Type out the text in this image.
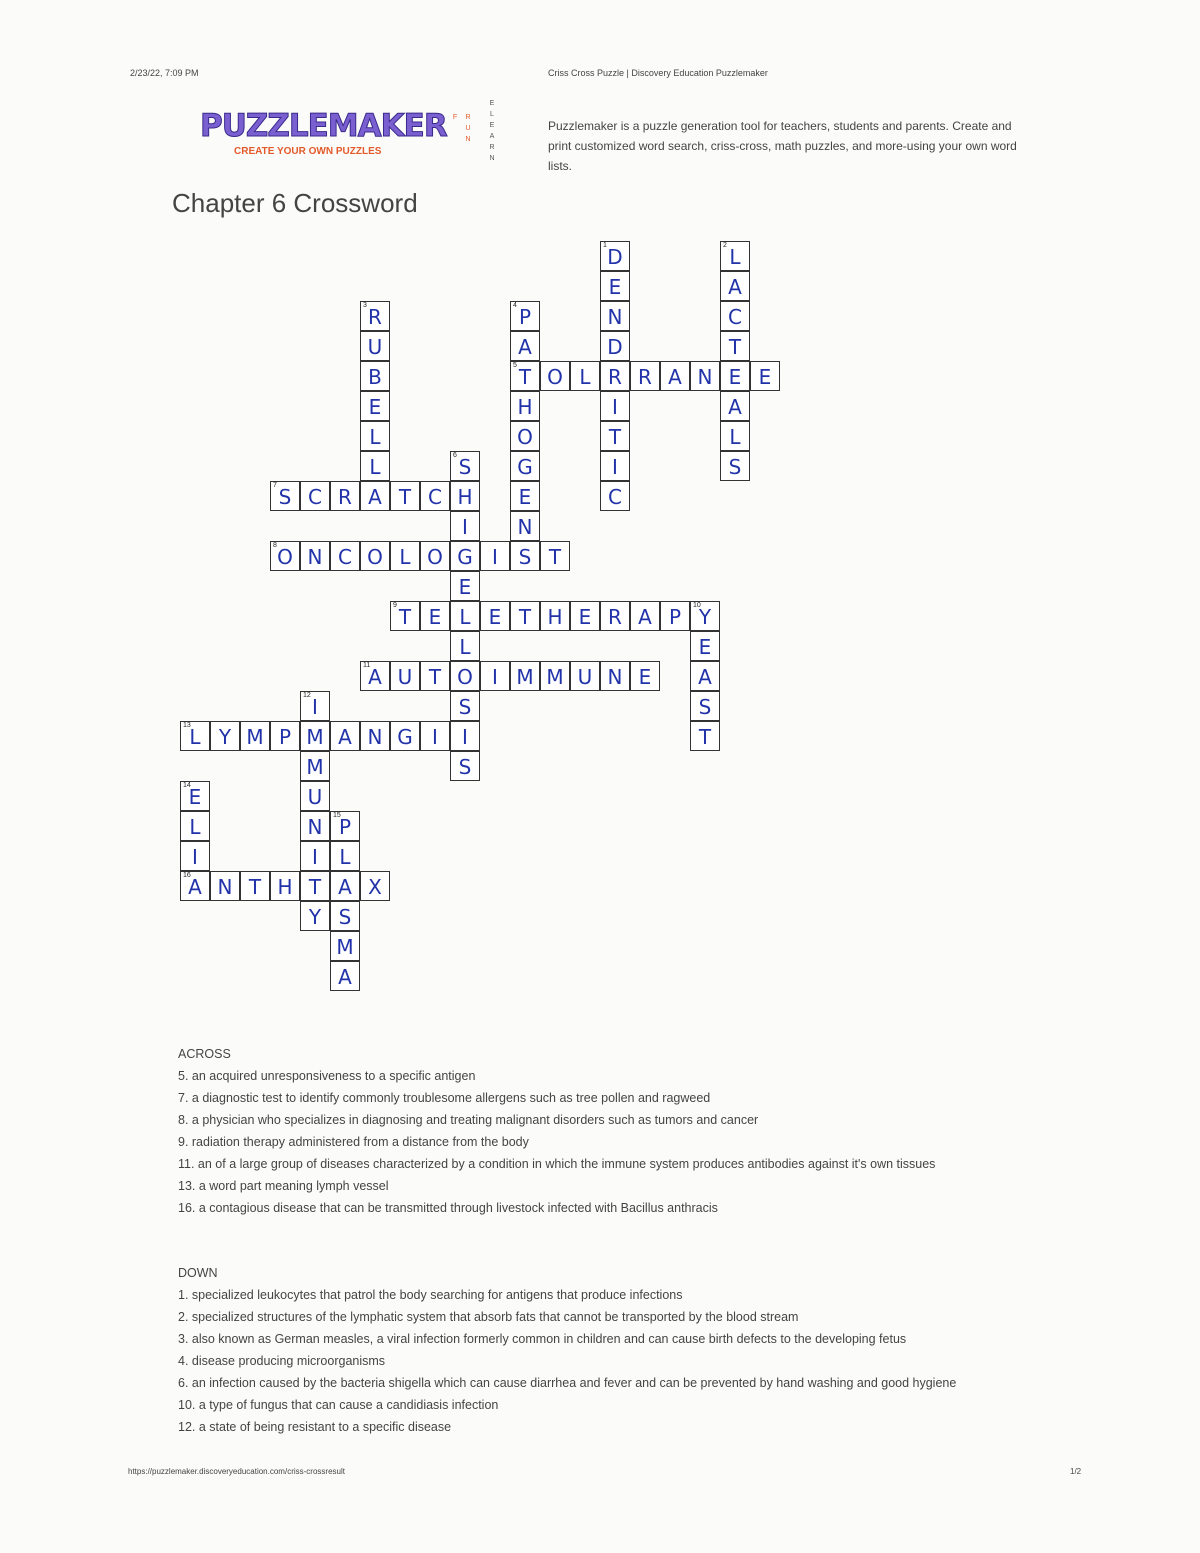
2/23/22, 7:09 PM	Criss Cross Puzzle | Discovery Education Puzzlemaker
PUZZLEMAKER
CREATE YOUR OWN PUZZLES
F R
U
N
E
L
E
A
R
N
Puzzlemaker is a puzzle generation tool for teachers, students and parents. Create and print customized word search, criss-cross, math puzzles, and more-using your own word lists.
Chapter 6 Crossword
D
1
E
N
D
R
I
T
I
C
L
2
A
C
T
E
A
L
S
R
3
U
B
E
L
L
A
P
4
A
T
5
H
O
G
E
N
O L	R A N	E
S
6
H
I
G
E
L
L
O
S
I
S
S
7	C R	T C
O
8	N C O L O	I	S T
T
9	E	E T H E R A P Y
10
E
A
S
T
A
11	U T	I M M U N E
I
12
M
M
U
N
I
T
Y
L
13	Y M P	A N G I
E
14
L
I
P
15
L
A
S
M
A
A
16	N T H	X
ACROSS
5. an acquired unresponsiveness to a specific antigen
7. a diagnostic test to identify commonly troublesome allergens such as tree pollen and ragweed
8. a physician who specializes in diagnosing and treating malignant disorders such as tumors and cancer
9. radiation therapy administered from a distance from the body
11. an of a large group of diseases characterized by a condition in which the immune system produces antibodies against it's own tissues
13. a word part meaning lymph vessel
16. a contagious disease that can be transmitted through livestock infected with Bacillus anthracis
DOWN
1. specialized leukocytes that patrol the body searching for antigens that produce infections
2. specialized structures of the lymphatic system that absorb fats that cannot be transported by the blood stream
3. also known as German measles, a viral infection formerly common in children and can cause birth defects to the developing fetus
4. disease producing microorganisms
6. an infection caused by the bacteria shigella which can cause diarrhea and fever and can be prevented by hand washing and good hygiene
10. a type of fungus that can cause a candidiasis infection
12. a state of being resistant to a specific disease
https://puzzlemaker.discoveryeducation.com/criss-crossresult	1/2
